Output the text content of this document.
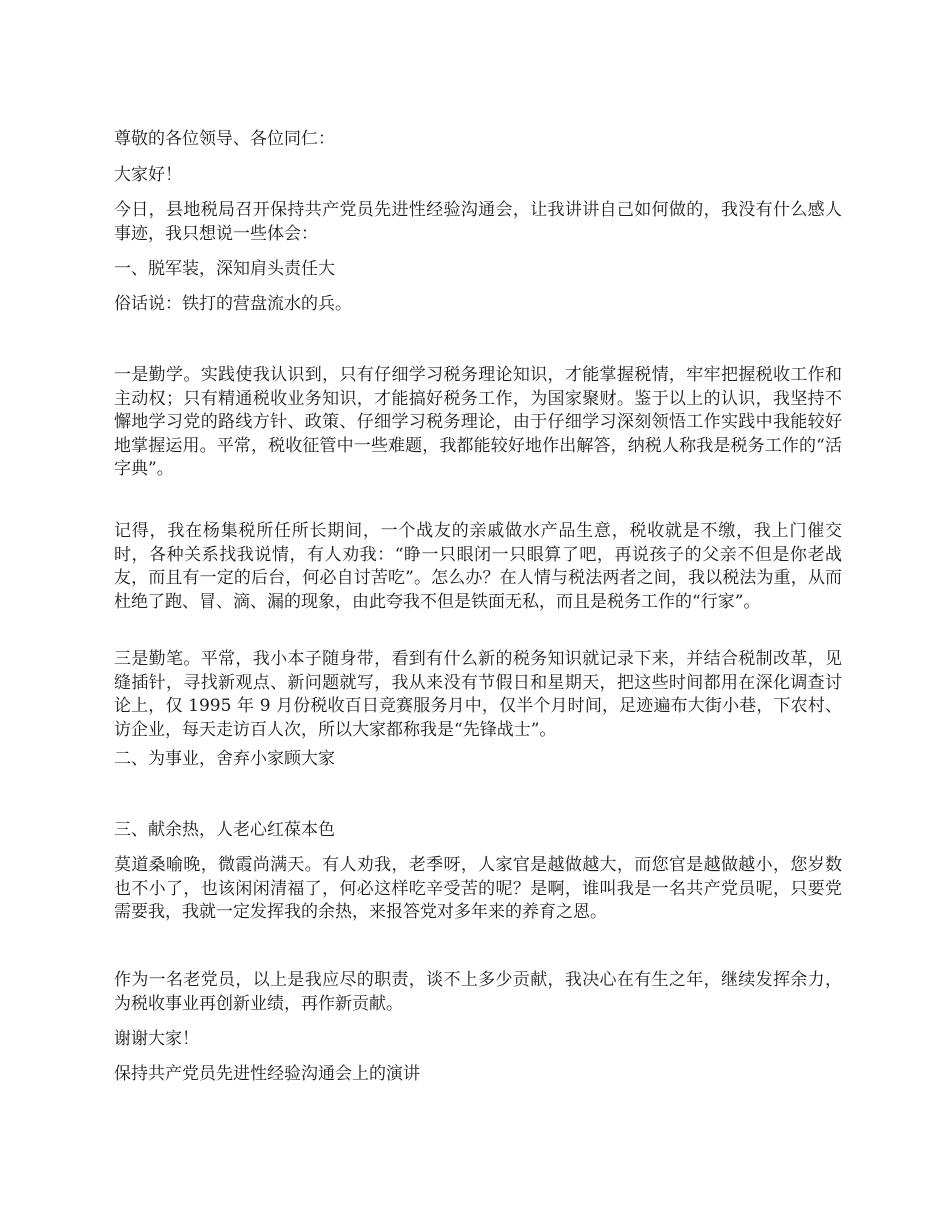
尊敬的各位领导、各位同仁：

大家好！

今日，县地税局召开保持共产党员先进性经验沟通会，让我讲讲自己如何做的，我没有什么感人事迹，我只想说一些体会：

一、脱军装，深知肩头责任大

俗话说：铁打的营盘流水的兵。

一是勤学。实践使我认识到，只有仔细学习税务理论知识，才能掌握税情，牢牢把握税收工作和主动权；只有精通税收业务知识，才能搞好税务工作，为国家聚财。鉴于以上的认识，我坚持不懈地学习党的路线方针、政策、仔细学习税务理论，由于仔细学习深刻领悟工作实践中我能较好地掌握运用。平常，税收征管中一些难题，我都能较好地作出解答，纳税人称我是税务工作的“活字典”。

记得，我在杨集税所任所长期间，一个战友的亲戚做水产品生意，税收就是不缴，我上门催交时，各种关系找我说情，有人劝我：“睁一只眼闭一只眼算了吧，再说孩子的父亲不但是你老战友，而且有一定的后台，何必自讨苦吃”。怎么办？在人情与税法两者之间，我以税法为重，从而杜绝了跑、冒、滴、漏的现象，由此夸我不但是铁面无私，而且是税务工作的“行家”。

三是勤笔。平常，我小本子随身带，看到有什么新的税务知识就记录下来，并结合税制改革，见缝插针，寻找新观点、新问题就写，我从来没有节假日和星期天，把这些时间都用在深化调查讨论上，仅 1995 年 9 月份税收百日竞赛服务月中，仅半个月时间，足迹遍布大街小巷，下农村、访企业，每天走访百人次，所以大家都称我是“先锋战士”。

二、为事业，舍弃小家顾大家

三、献余热，人老心红葆本色

莫道桑喻晚，微霞尚满天。有人劝我，老季呀，人家官是越做越大，而您官是越做越小，您岁数也不小了，也该闲闲清福了，何必这样吃辛受苦的呢？是啊，谁叫我是一名共产党员呢，只要党需要我，我就一定发挥我的余热，来报答党对多年来的养育之恩。

作为一名老党员，以上是我应尽的职责，谈不上多少贡献，我决心在有生之年，继续发挥余力，为税收事业再创新业绩，再作新贡献。

谢谢大家！

保持共产党员先进性经验沟通会上的演讲
